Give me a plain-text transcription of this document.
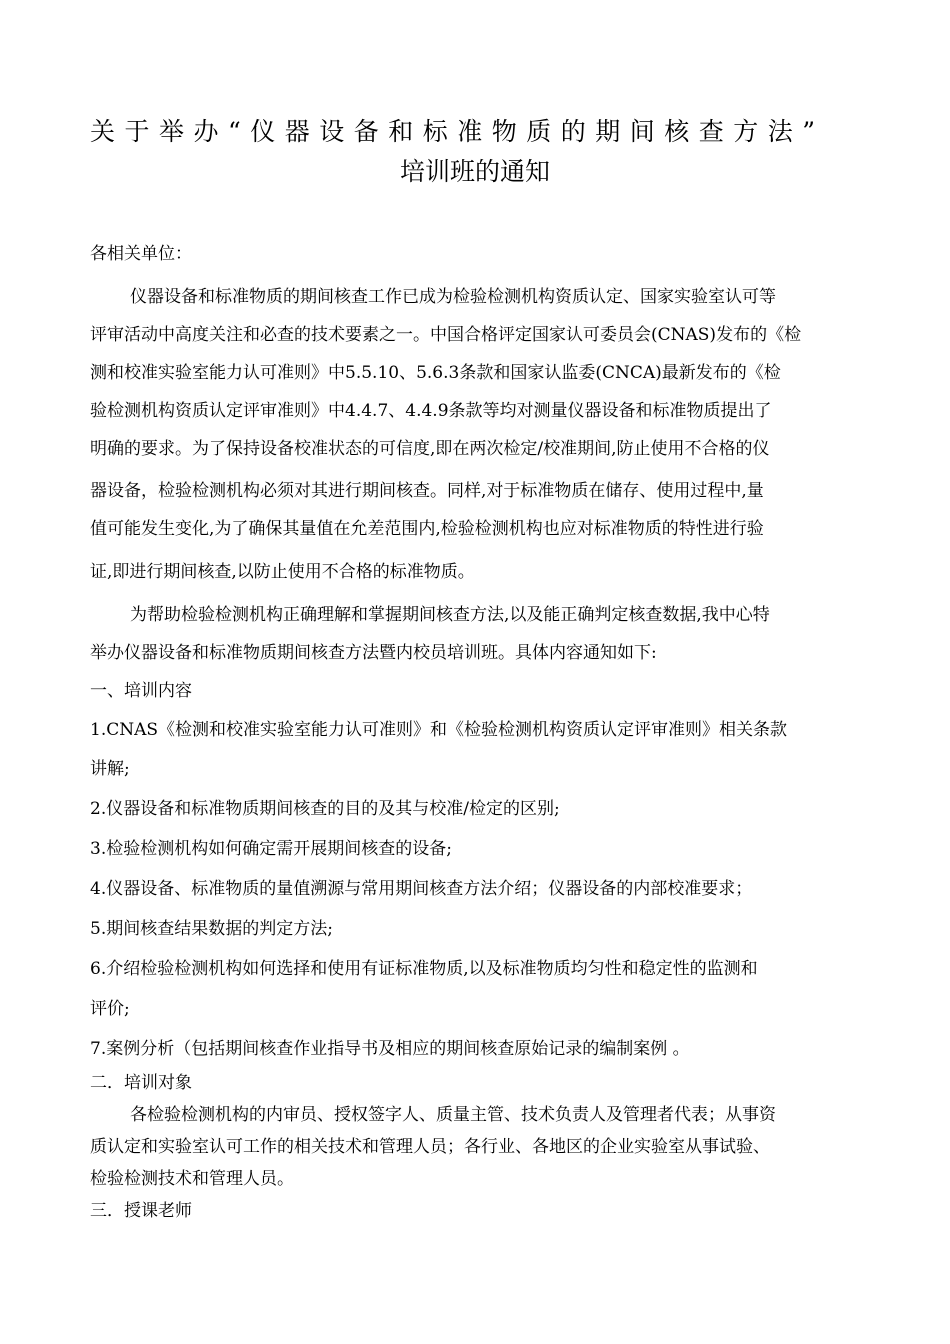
关于举办“仪器设备和标准物质的期间核查方法”
培训班的通知
各相关单位：
仪器设备和标准物质的期间核查工作已成为检验检测机构资质认定、国家实验室认可等
评审活动中高度关注和必查的技术要素之一。中国合格评定国家认可委员会(CNAS)发布的《检
测和校准实验室能力认可准则》中5.5.10、5.6.3条款和国家认监委(CNCA)最新发布的《检
验检测机构资质认定评审准则》中4.4.7、4.4.9条款等均对测量仪器设备和标准物质提出了
明确的要求。为了保持设备校准状态的可信度,即在两次检定/校准期间,防止使用不合格的仪
器设备，检验检测机构必须对其进行期间核查。同样,对于标准物质在储存、使用过程中,量
值可能发生变化,为了确保其量值在允差范围内,检验检测机构也应对标准物质的特性进行验
证,即进行期间核查,以防止使用不合格的标准物质。
为帮助检验检测机构正确理解和掌握期间核查方法,以及能正确判定核查数据,我中心特
举办仪器设备和标准物质期间核查方法暨内校员培训班。具体内容通知如下:
一、培训内容
1.CNAS《检测和校准实验室能力认可准则》和《检验检测机构资质认定评审准则》相关条款
讲解;
2.仪器设备和标准物质期间核查的目的及其与校准/检定的区别;
3.检验检测机构如何确定需开展期间核查的设备;
4.仪器设备、标准物质的量值溯源与常用期间核查方法介绍；仪器设备的内部校准要求；
5.期间核查结果数据的判定方法;
6.介绍检验检测机构如何选择和使用有证标准物质,以及标准物质均匀性和稳定性的监测和
评价;
7.案例分析（包括期间核查作业指导书及相应的期间核查原始记录的编制案例 。
二．培训对象
各检验检测机构的内审员、授权签字人、质量主管、技术负责人及管理者代表；从事资
质认定和实验室认可工作的相关技术和管理人员；各行业、各地区的企业实验室从事试验、
检验检测技术和管理人员。
三．授课老师
